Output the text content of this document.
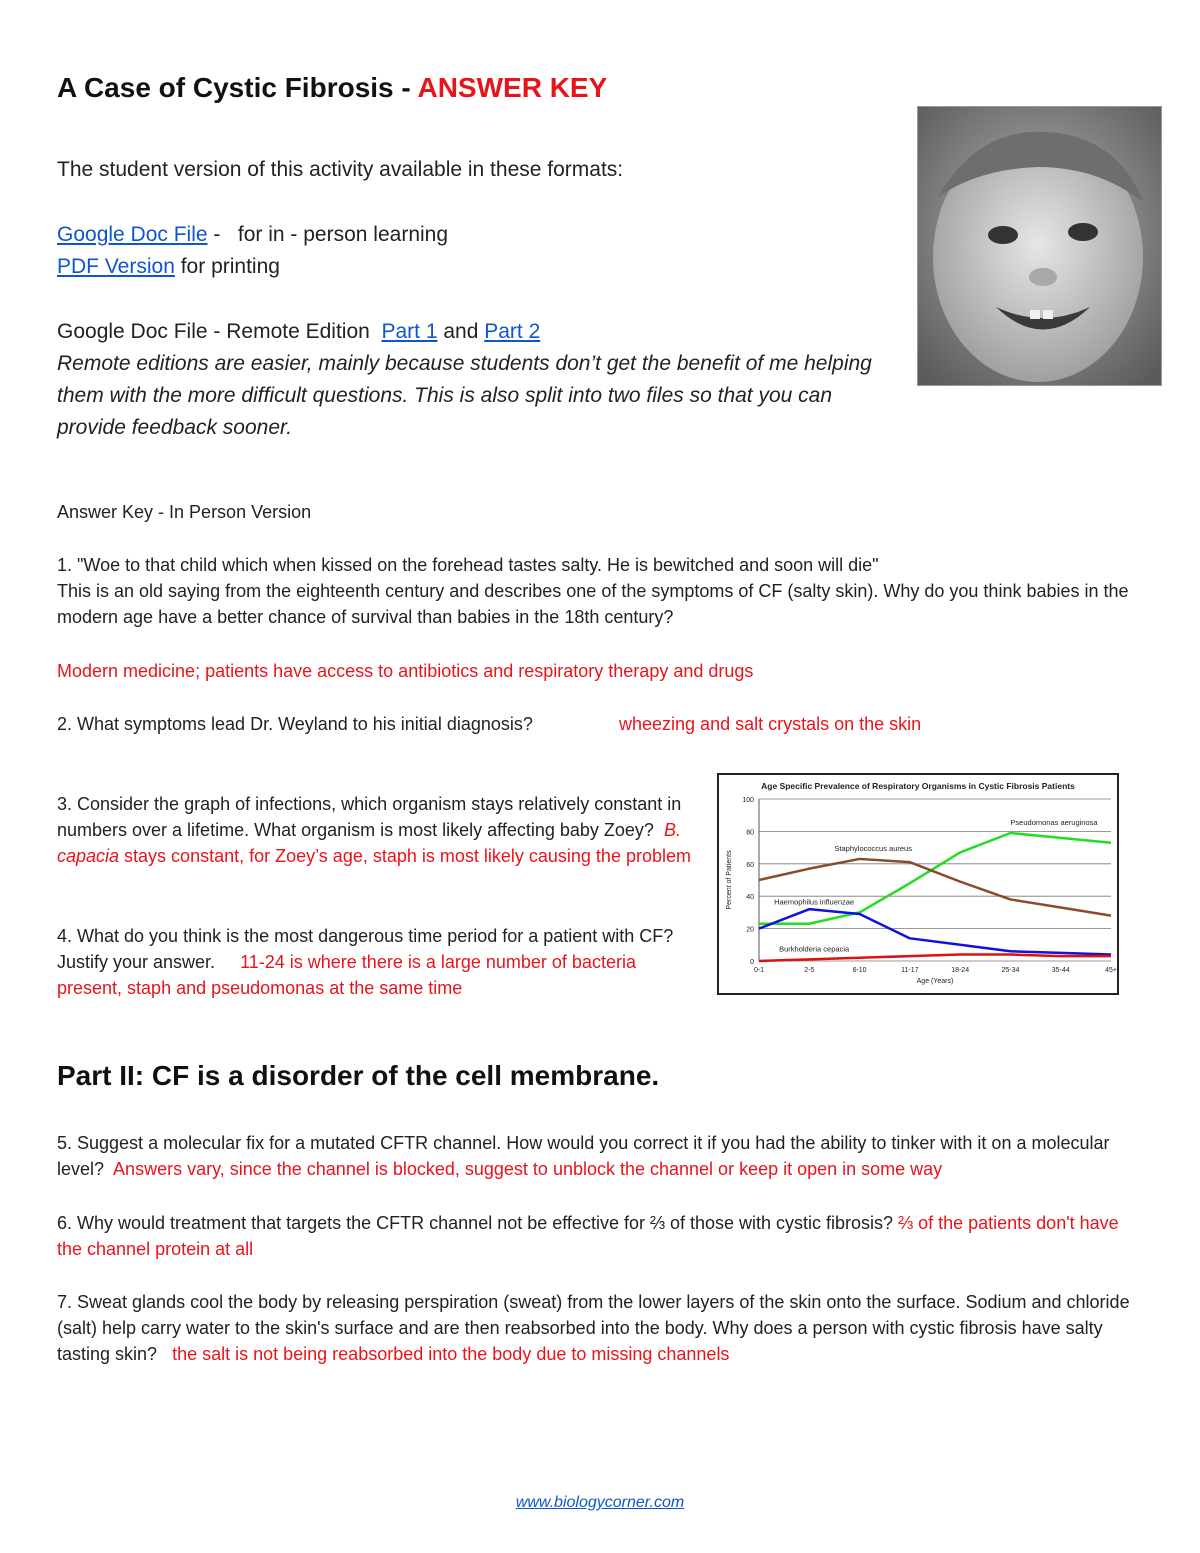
A Case of Cystic Fibrosis - ANSWER KEY
The student version of this activity available in these formats:
Google Doc File -   for in - person learning
PDF Version for printing
Google Doc File - Remote Edition  Part 1 and Part 2
Remote editions are easier, mainly because students don’t get the benefit of me helping them with the more difficult questions. This is also split into two files so that you can provide feedback sooner.
Answer Key - In Person Version
1. "Woe to that child which when kissed on the forehead tastes salty. He is bewitched and soon will die"
This is an old saying from the eighteenth century and describes one of the symptoms of CF (salty skin). Why do you think babies in the modern age have a better chance of survival than babies in the 18th century?
Modern medicine; patients have access to antibiotics and respiratory therapy and drugs
2. What symptoms lead Dr. Weyland to his initial diagnosis?	wheezing and salt crystals on the skin
3. Consider the graph of infections, which organism stays relatively constant in numbers over a lifetime. What organism is most likely affecting baby Zoey? B. capacia stays constant, for Zoey’s age, staph is most likely causing the problem
4. What do you think is the most dangerous time period for a patient with CF? Justify your answer. 11-24 is where there is a large number of bacteria present, staph and pseudomonas at the same time
Age Specific Prevalence of Respiratory Organisms in Cystic Fibrosis Patients
0
20
40
60
80
100
0-1	2-5	6-10	11-17	18-24	25-34	35-44	45+
Age (Years)
Percent of Patients
Pseudomonas aeruginosa
Staphylococcus aureus
Haemophilus influenzae
Burkholderia cepacia
Part II: CF is a disorder of the cell membrane.
5. Suggest a molecular fix for a mutated CFTR channel. How would you correct it if you had the ability to tinker with it on a molecular level? Answers vary, since the channel is blocked, suggest to unblock the channel or keep it open in some way
6. Why would treatment that targets the CFTR channel not be effective for ⅔ of those with cystic fibrosis? ⅔ of the patients don't have the channel protein at all
7. Sweat glands cool the body by releasing perspiration (sweat) from the lower layers of the skin onto the surface. Sodium and chloride (salt) help carry water to the skin's surface and are then reabsorbed into the body. Why does a person with cystic fibrosis have salty tasting skin? the salt is not being reabsorbed into the body due to missing channels
www.biologycorner.com
